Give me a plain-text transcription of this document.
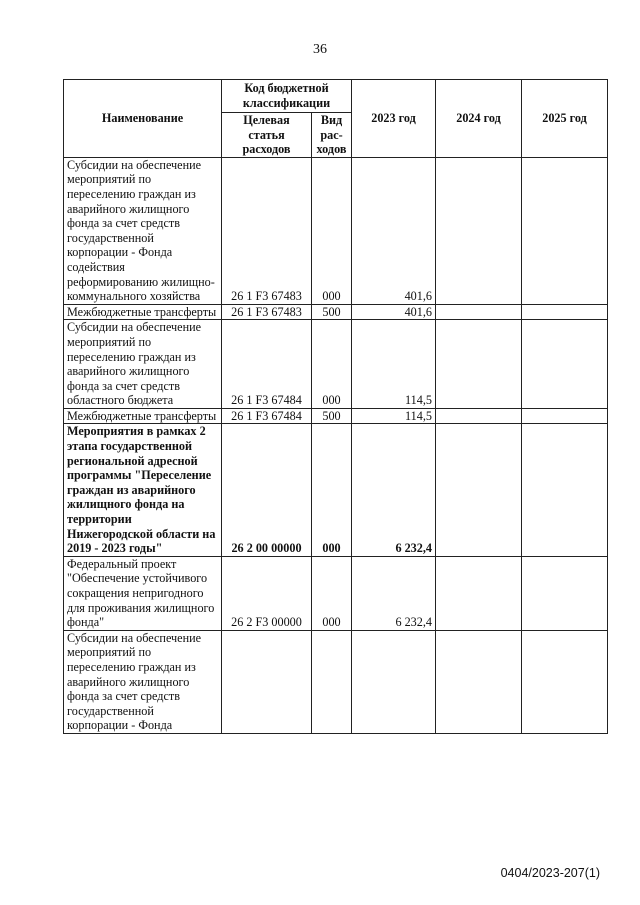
36
Наименование	Код бюджетной классификации		2023 год	2024 год	2025 год
	Целевая статья расходов	Вид рас-ходов			
Субсидии на обеспечение мероприятий по переселению граждан из аварийного жилищного фонда за счет средств государственной корпорации - Фонда содействия реформированию жилищно-коммунального хозяйства	26 1 F3 67483	000	401,6		
Межбюджетные трансферты	26 1 F3 67483	500	401,6		
Субсидии на обеспечение мероприятий по переселению граждан из аварийного жилищного фонда за счет средств областного бюджета	26 1 F3 67484	000	114,5		
Межбюджетные трансферты	26 1 F3 67484	500	114,5		
Мероприятия в рамках 2 этапа государственной региональной адресной программы "Переселение граждан из аварийного жилищного фонда на территории Нижегородской области на 2019 - 2023 годы"	26 2 00 00000	000	6 232,4		
Федеральный проект "Обеспечение устойчивого сокращения непригодного для проживания жилищного фонда"	26 2 F3 00000	000	6 232,4		
Субсидии на обеспечение мероприятий по переселению граждан из аварийного жилищного фонда за счет средств государственной корпорации - Фонда					
0404/2023-207(1)
